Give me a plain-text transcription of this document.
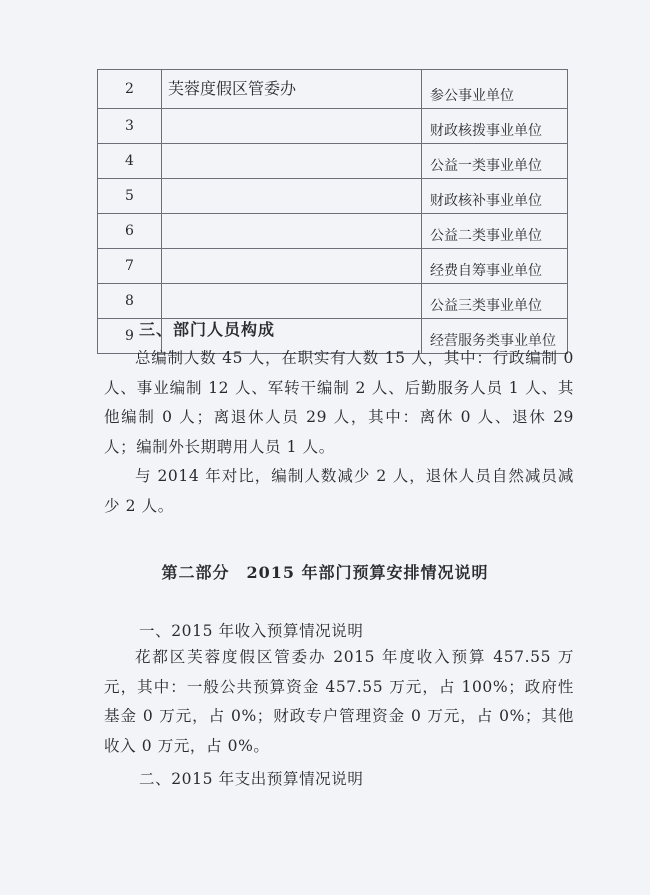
2	芙蓉度假区管委办	参公事业单位
3		财政核拨事业单位
4		公益一类事业单位
5		财政核补事业单位
6		公益二类事业单位
7		经费自筹事业单位
8		公益三类事业单位
9		经营服务类事业单位
三、部门人员构成

总编制人数 45 人，在职实有人数 15 人，其中：行政编制 0 人、事业编制 12 人、军转干编制 2 人、后勤服务人员 1 人、其他编制 0 人；离退休人员 29 人，其中：离休 0 人、退休 29 人；编制外长期聘用人员 1 人。

与 2014 年对比，编制人数减少 2 人，退休人员自然减员减少 2 人。

第二部分　2015 年部门预算安排情况说明
一、2015 年收入预算情况说明

花都区芙蓉度假区管委办 2015 年度收入预算 457.55 万元，其中：一般公共预算资金 457.55 万元，占 100%；政府性基金 0 万元，占 0%；财政专户管理资金 0 万元，占 0%；其他收入 0 万元，占 0%。

二、2015 年支出预算情况说明
